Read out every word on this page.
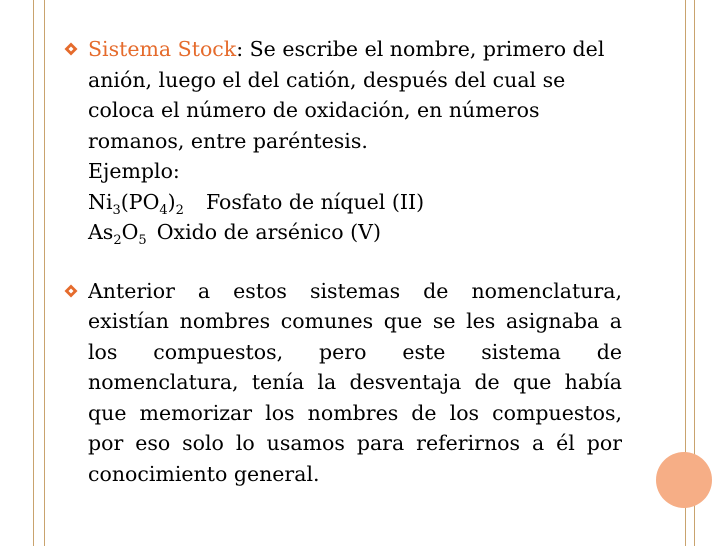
Sistema Stock: Se escribe el nombre, primero del
anión, luego el del catión, después del cual se
coloca el número de oxidación, en números
romanos, entre paréntesis.
Ejemplo:
$Ni_3(PO_4)_2$ Fosfato de níquel (II)
$As_2O_5$ Oxido de arsénico (V)
Anterior a estos sistemas de nomenclatura,
existían nombres comunes que se les asignaba a
los compuestos, pero este sistema de
nomenclatura, tenía la desventaja de que había
que memorizar los nombres de los compuestos,
por eso solo lo usamos para referirnos a él por
conocimiento general.
